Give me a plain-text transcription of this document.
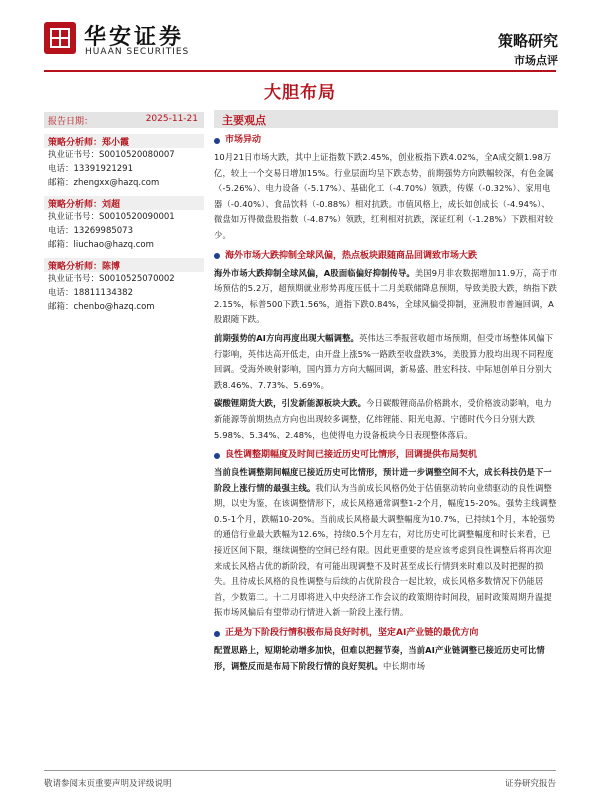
华安证券
HUAAN SECURITIES
策略研究
市场点评
大胆布局
报告日期：	2025-11-21
策略分析师：郑小霞
执业证书号：S0010520080007
电话：13391921291
邮箱：zhengxx@hazq.com
策略分析师：刘超
执业证书号：S0010520090001
电话：13269985073
邮箱：liuchao@hazq.com
策略分析师：陈博
执业证书号：S0010525070002
电话：18811134382
邮箱：chenbo@hazq.com
主要观点
市场异动

10月21日市场大跌，其中上证指数下跌2.45%，创业板指下跌4.02%，全A成交额1.98万亿，较上一个交易日增加15%。行业层面均呈下跌态势，前期强势方向跌幅较深，有色金属（-5.26%）、电力设备（-5.17%）、基础化工（-4.70%）领跌，传媒（-0.32%）、家用电器（-0.40%）、食品饮料（-0.88%）相对抗跌。市值风格上，成长如创成长（-4.94%）、微盘如万得微盘股指数（-4.87%）领跌，红利相对抗跌，深证红利（-1.28%）下跌相对较少。

海外市场大跌抑制全球风偏，热点板块跟随商品回调致市场大跌

海外市场大跌抑制全球风偏，A股面临偏好抑制传导。美国9月非农数据增加11.9万，高于市场预估的5.2万，超预期就业形势再度压低十二月美联储降息预期，导致美股大跌，纳指下跌2.15%，标普500下跌1.56%，道指下跌0.84%，全球风偏受抑制，亚洲股市普遍回调，A股跟随下跌。

前期强势的AI方向再度出现大幅调整。英伟达三季报营收超市场预期，但受市场整体风偏下行影响，英伟达高开低走，由开盘上涨5%一路跌至收盘跌3%，美股算力股均出现不同程度回调。受海外映射影响，国内算力方向大幅回调，新易盛、胜宏科技、中际旭创单日分别大跌8.46%、7.73%、5.69%。

碳酸锂期货大跌，引发新能源板块大跌。今日碳酸锂商品价格跳水，受价格波动影响，电力新能源等前期热点方向也出现较多调整，亿纬锂能、阳光电源、宁德时代今日分别大跌5.98%、5.34%、2.48%，也使得电力设备板块今日表现整体落后。

良性调整期幅度及时间已接近历史可比情形，回调提供布局契机

当前良性调整期间幅度已接近历史可比情形，预计进一步调整空间不大，成长科技仍是下一阶段上涨行情的最强主线。我们认为当前成长风格仍处于估值驱动转向业绩驱动的良性调整期，以史为鉴，在该调整情形下，成长风格通常调整1-2个月，幅度15-20%。强势主线调整0.5-1个月，跌幅10-20%。当前成长风格最大调整幅度为10.7%，已持续1个月，本轮强势的通信行业最大跌幅为12.6%，持续0.5个月左右，对比历史可比调整幅度和时长来看，已接近区间下限，继续调整的空间已经有限。因此更重要的是应该考虑到良性调整后将再次迎来成长风格占优的新阶段，有可能出现调整不及时甚至成长行情到来时难以及时把握的损失。且待成长风格的良性调整与后续的占优阶段合一起比较，成长风格多数情况下仍能居首，少数第二。十二月即将进入中央经济工作会议的政策期待时间段，届时政策周期升温提振市场风偏后有望带动行情进入新一阶段上涨行情。

正是为下阶段行情积极布局良好时机，坚定AI产业链的最优方向

配置思路上，短期轮动增多加快，但难以把握节奏，当前AI产业链调整已接近历史可比情形，调整反而是布局下阶段行情的良好契机。中长期市场

敬请参阅末页重要声明及评级说明	证券研究报告
